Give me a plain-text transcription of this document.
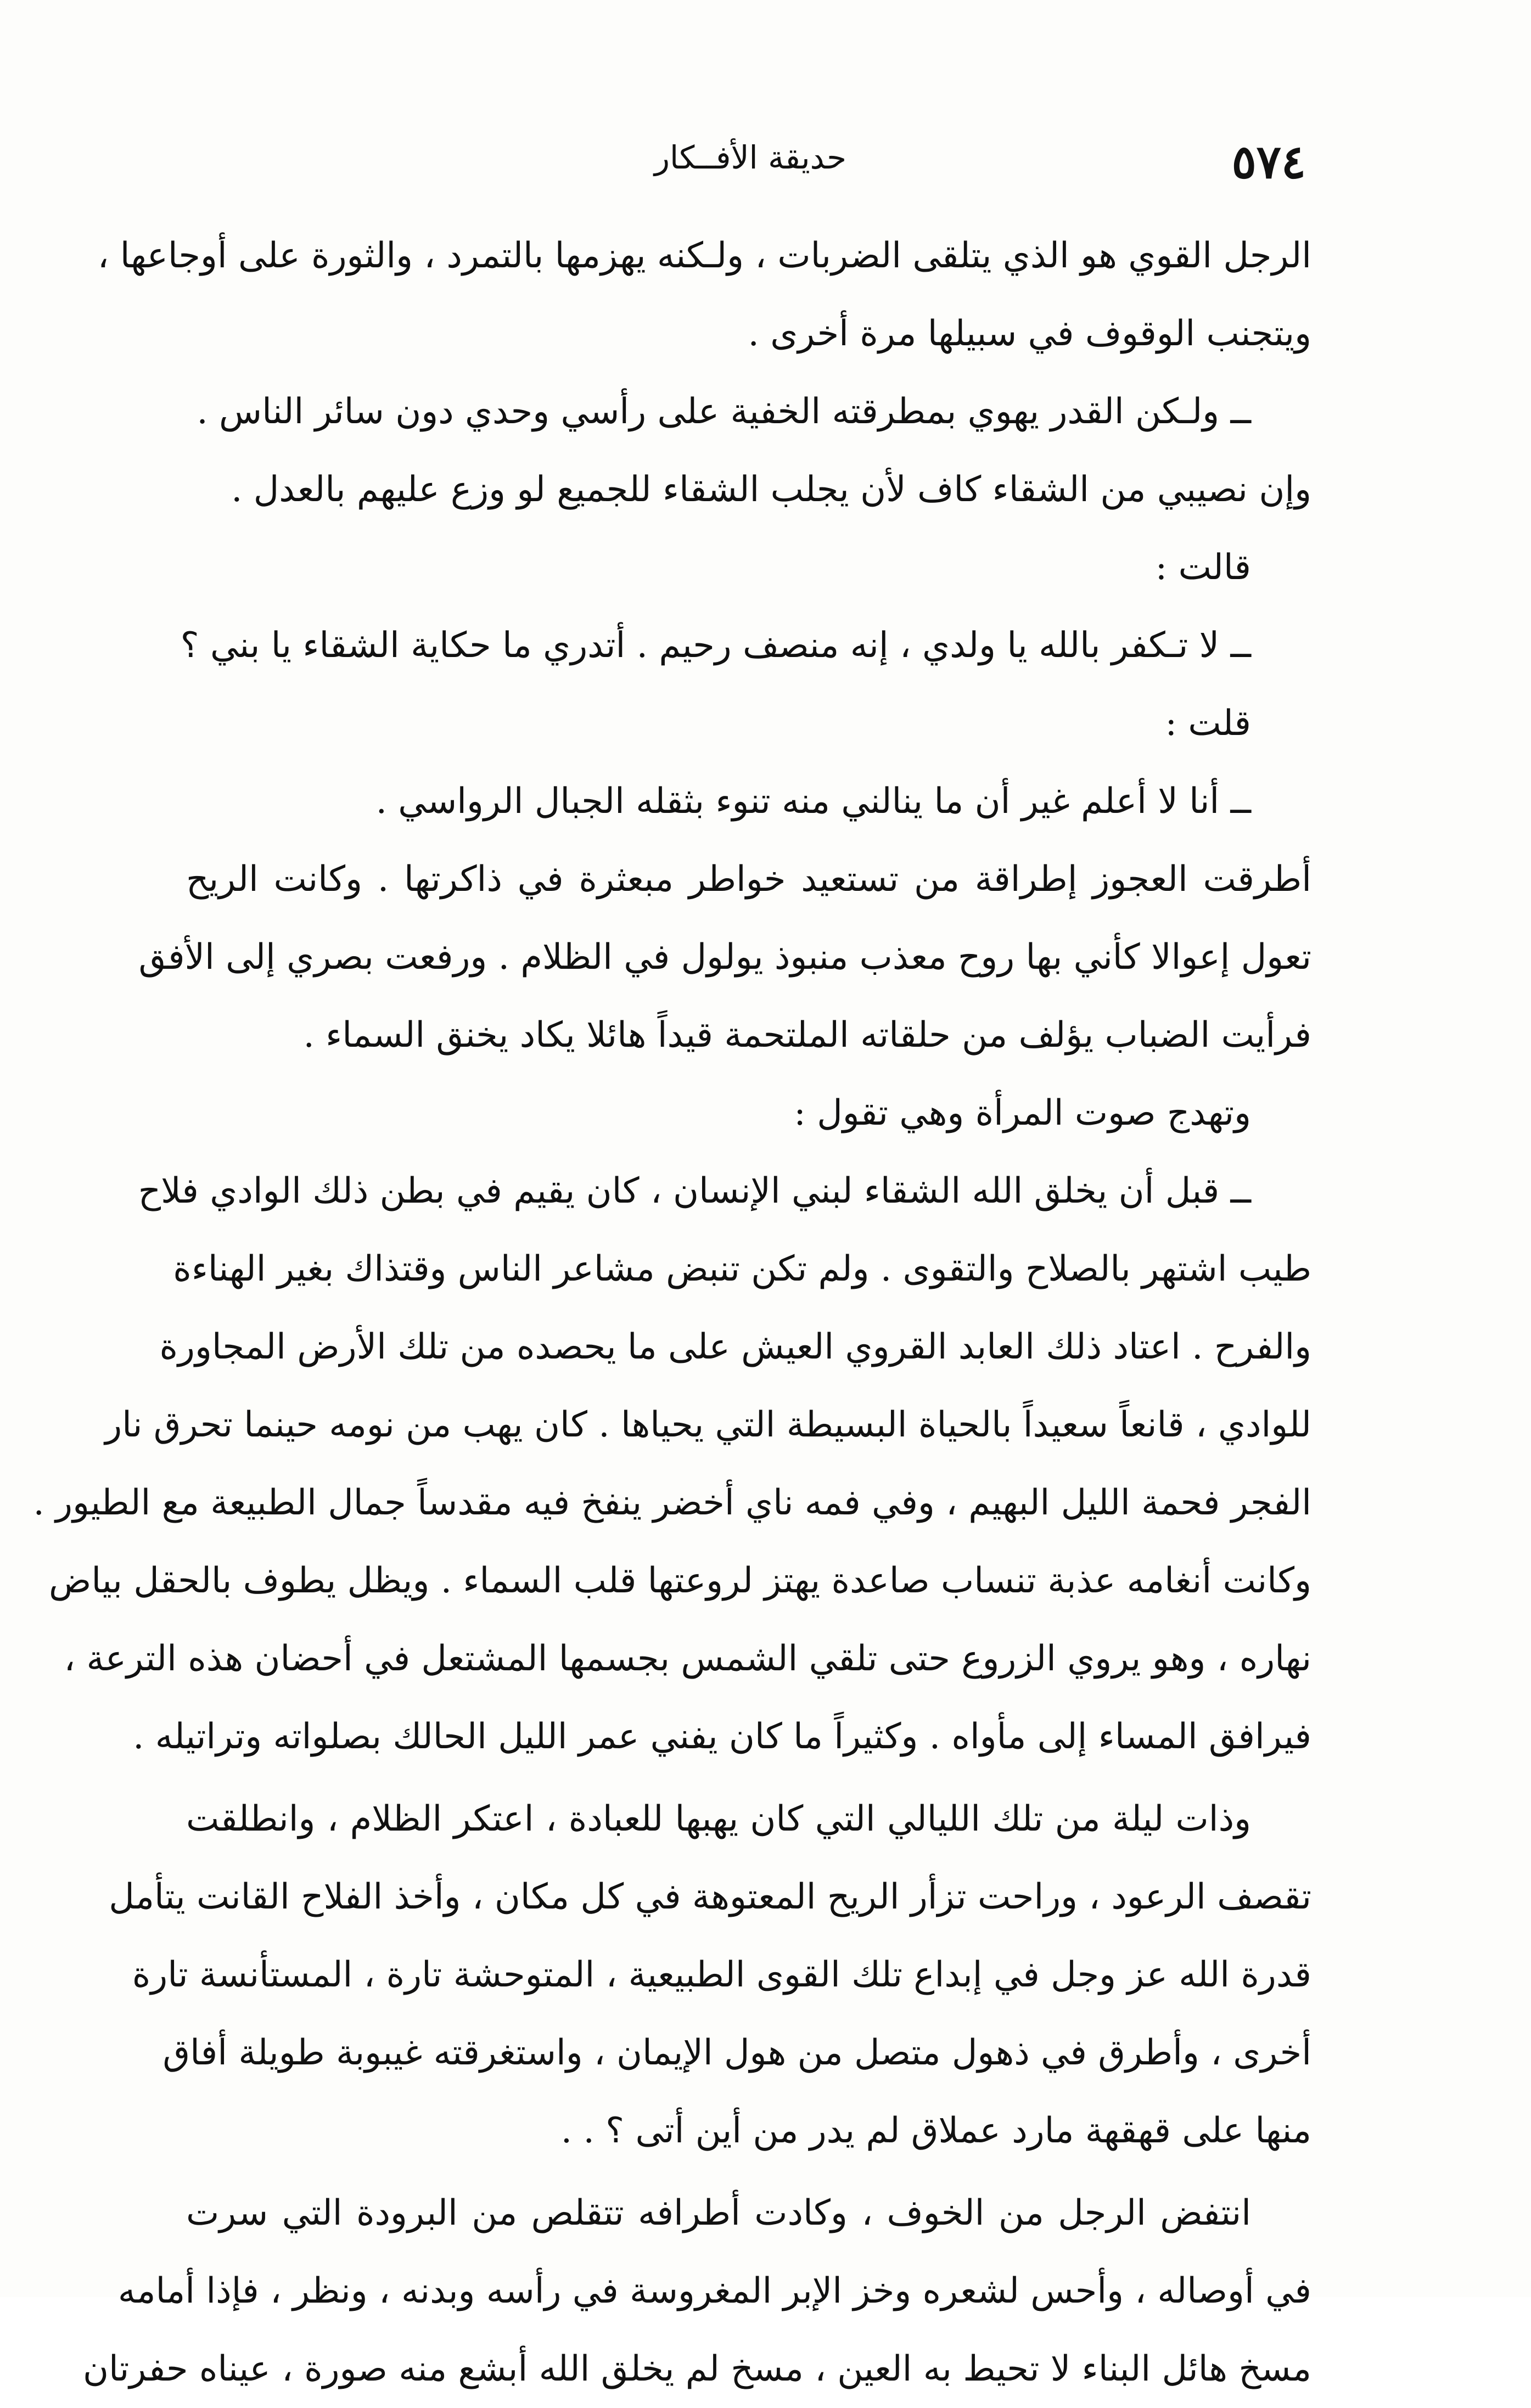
٥٧٤
حديقة الأفــكار
الرجل القوي هو الذي يتلقى الضربات ، ولـكنه يهزمها بالتمرد ، والثورة على أوجاعها ،
ويتجنب الوقوف في سبيلها مرة أخرى .
ــ ولـكن القدر يهوي بمطرقته الخفية على رأسي وحدي دون سائر الناس .
وإن نصيبي من الشقاء كاف لأن يجلب الشقاء للجميع لو وزع عليهم بالعدل .
قالت :
ــ لا تـكفر بالله يا ولدي ، إنه منصف رحيم . أتدري ما حكاية الشقاء يا بني ؟
قلت :
ــ أنا لا أعلم غير أن ما ينالني منه تنوء بثقله الجبال الرواسي .
أطرقت العجوز إطراقة من تستعيد خواطر مبعثرة في ذاكرتها . وكانت الريح
تعول إعوالا كأني بها روح معذب منبوذ يولول في الظلام . ورفعت بصري إلى الأفق
فرأيت الضباب يؤلف من حلقاته الملتحمة قيداً هائلا يكاد يخنق السماء .
وتهدج صوت المرأة وهي تقول :
ــ قبل أن يخلق الله الشقاء لبني الإنسان ، كان يقيم في بطن ذلك الوادي فلاح
طيب اشتهر بالصلاح والتقوى . ولم تكن تنبض مشاعر الناس وقتذاك بغير الهناءة
والفرح . اعتاد ذلك العابد القروي العيش على ما يحصده من تلك الأرض المجاورة
للوادي ، قانعاً سعيداً بالحياة البسيطة التي يحياها . كان يهب من نومه حينما تحرق نار
الفجر فحمة الليل البهيم ، وفي فمه ناي أخضر ينفخ فيه مقدساً جمال الطبيعة مع الطيور .
وكانت أنغامه عذبة تنساب صاعدة يهتز لروعتها قلب السماء . ويظل يطوف بالحقل بياض
نهاره ، وهو يروي الزروع حتى تلقي الشمس بجسمها المشتعل في أحضان هذه الترعة ،
فيرافق المساء إلى مأواه . وكثيراً ما كان يفني عمر الليل الحالك بصلواته وتراتيله .
وذات ليلة من تلك الليالي التي كان يهبها للعبادة ، اعتكر الظلام ، وانطلقت
تقصف الرعود ، وراحت تزأر الريح المعتوهة في كل مكان ، وأخذ الفلاح القانت يتأمل
قدرة الله عز وجل في إبداع تلك القوى الطبيعية ، المتوحشة تارة ، المستأنسة تارة
أخرى ، وأطرق في ذهول متصل من هول الإيمان ، واستغرقته غيبوبة طويلة أفاق
منها على قهقهة مارد عملاق لم يدر من أين أتى ؟ . .
انتفض الرجل من الخوف ، وكادت أطرافه تتقلص من البرودة التي سرت
في أوصاله ، وأحس لشعره وخز الإبر المغروسة في رأسه وبدنه ، ونظر ، فإذا أمامه
مسخ هائل البناء لا تحيط به العين ، مسخ لم يخلق الله أبشع منه صورة ، عيناه حفرتان
